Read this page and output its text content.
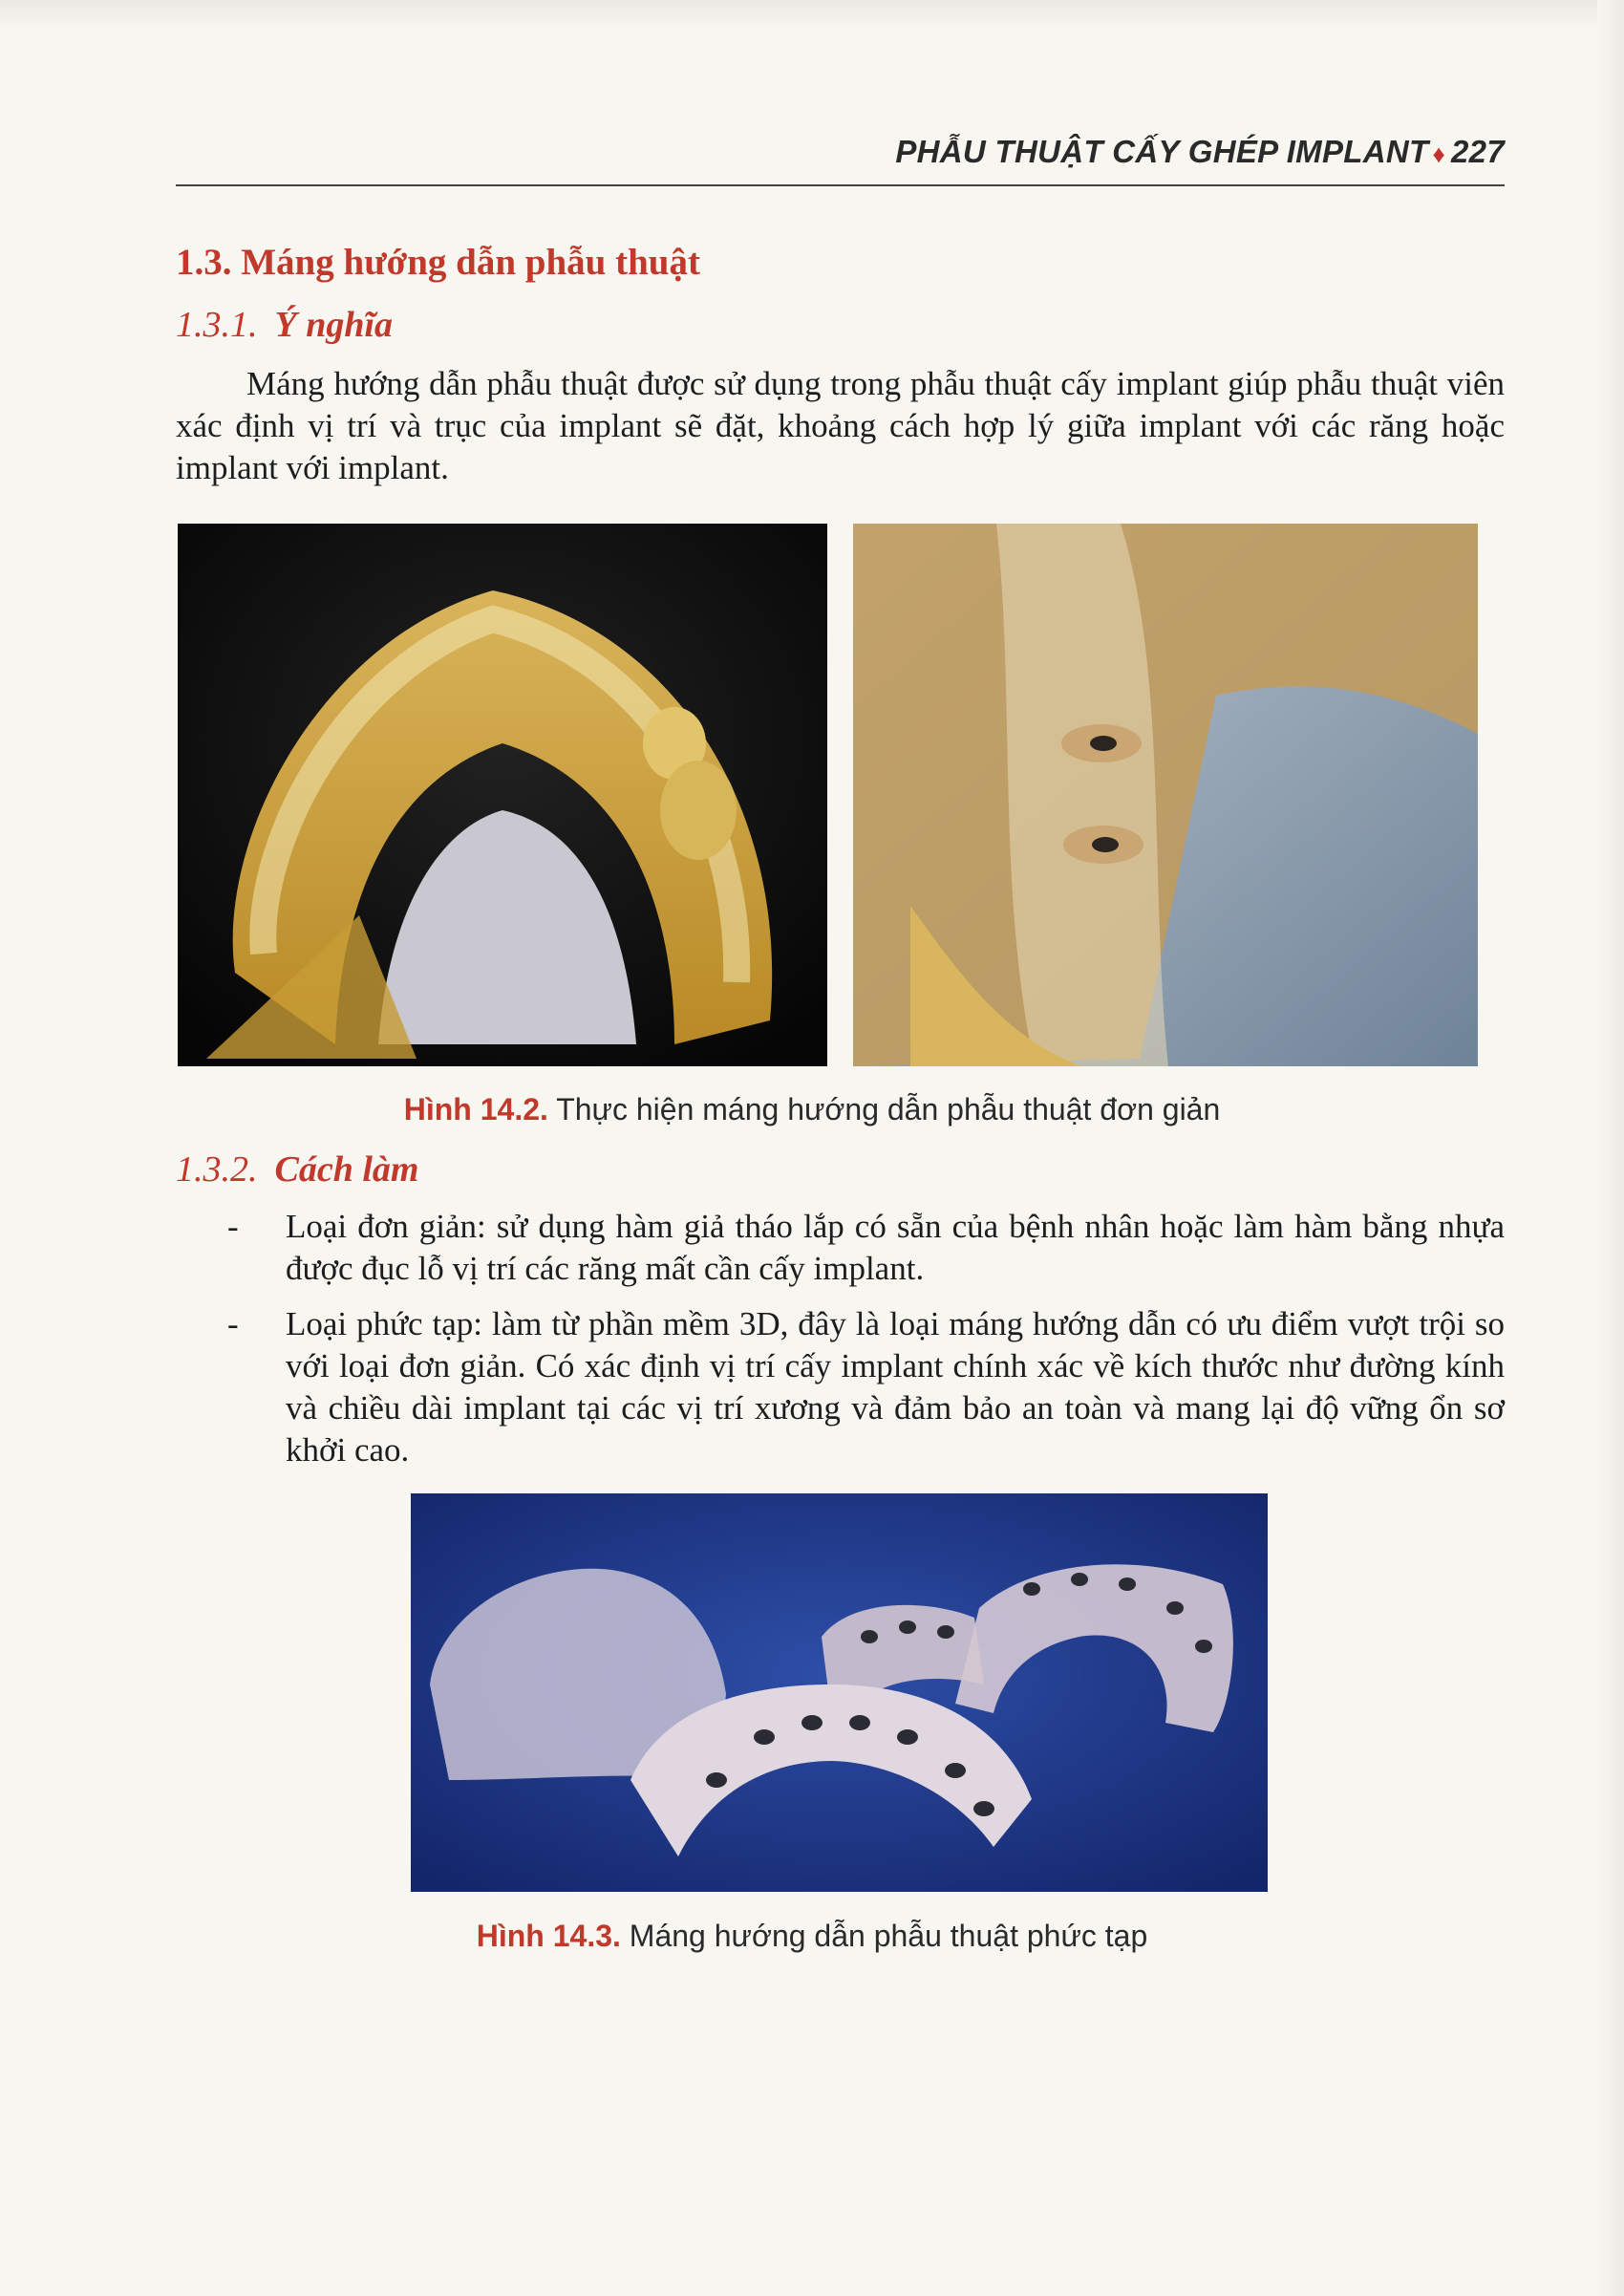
PHẪU THUẬT CẤY GHÉP IMPLANT ♦ 227
1.3. Máng hướng dẫn phẫu thuật
1.3.1. Ý nghĩa
Máng hướng dẫn phẫu thuật được sử dụng trong phẫu thuật cấy implant giúp phẫu thuật viên xác định vị trí và trục của implant sẽ đặt, khoảng cách hợp lý giữa implant với các răng hoặc implant với implant.
Hình 14.2. Thực hiện máng hướng dẫn phẫu thuật đơn giản
1.3.2. Cách làm
- Loại đơn giản: sử dụng hàm giả tháo lắp có sẵn của bệnh nhân hoặc làm hàm bằng nhựa được đục lỗ vị trí các răng mất cần cấy implant.
- Loại phức tạp: làm từ phần mềm 3D, đây là loại máng hướng dẫn có ưu điểm vượt trội so với loại đơn giản. Có xác định vị trí cấy implant chính xác về kích thước như đường kính và chiều dài implant tại các vị trí xương và đảm bảo an toàn và mang lại độ vững ổn sơ khởi cao.
Hình 14.3. Máng hướng dẫn phẫu thuật phức tạp
